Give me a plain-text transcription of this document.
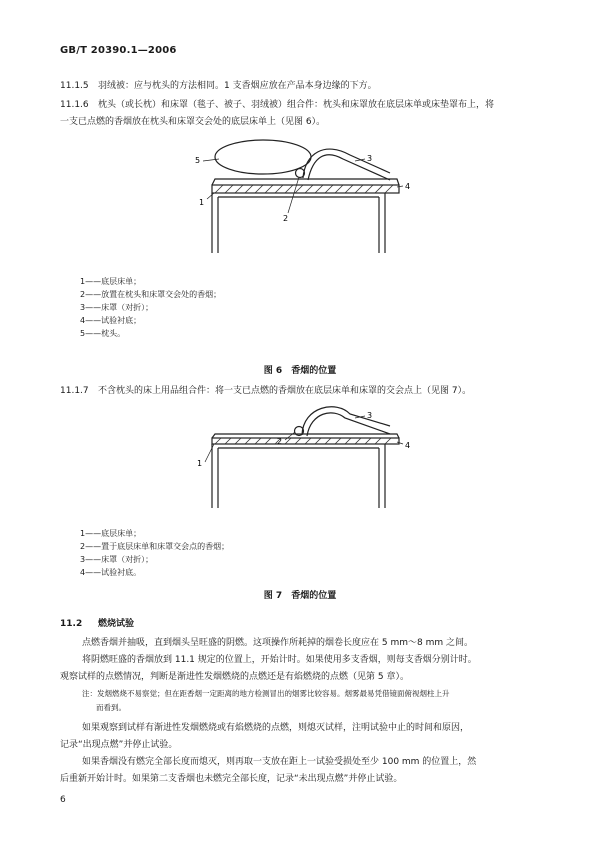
GB/T 20390.1—2006
11.1.5 羽绒被：应与枕头的方法相同。1 支香烟应放在产品本身边缘的下方。
11.1.6 枕头（或长枕）和床罩（毯子、被子、羽绒被）组合件：枕头和床罩放在底层床单或床垫罩布上，将
一支已点燃的香烟放在枕头和床罩交会处的底层床单上（见图 6）。
1
2
3
4
5
1——底层床单；
2——放置在枕头和床罩交会处的香烟；
3——床罩（对折）；
4——试验衬底；
5——枕头。
图 6　香烟的位置
11.1.7 不含枕头的床上用品组合件：将一支已点燃的香烟放在底层床单和床罩的交会点上（见图 7）。
1
2
3
4
1——底层床单；
2——置于底层床单和床罩交会点的香烟；
3——床罩（对折）；
4——试验衬底。
图 7　香烟的位置
11.2 燃烧试验
点燃香烟并抽吸，直到烟头呈旺盛的阴燃。这项操作所耗掉的烟卷长度应在 5 mm～8 mm 之间。
将阴燃旺盛的香烟放到 11.1 规定的位置上，开始计时。如果使用多支香烟，则每支香烟分别计时。
观察试样的点燃情况，判断是渐进性发烟燃烧的点燃还是有焰燃烧的点燃（见第 5 章）。
注：发烟燃烧不易察觉；但在距香烟一定距离的地方检测冒出的烟雾比较容易。烟雾最易凭借镜面俯视烟柱上升
而看到。
如果观察到试样有渐进性发烟燃烧或有焰燃烧的点燃，则熄灭试样，注明试验中止的时间和原因，
记录“出现点燃”并停止试验。
如果香烟没有燃完全部长度而熄灭，则再取一支放在距上一试验受损处至少 100 mm 的位置上，然
后重新开始计时。如果第二支香烟也未燃完全部长度，记录“未出现点燃”并停止试验。
6
